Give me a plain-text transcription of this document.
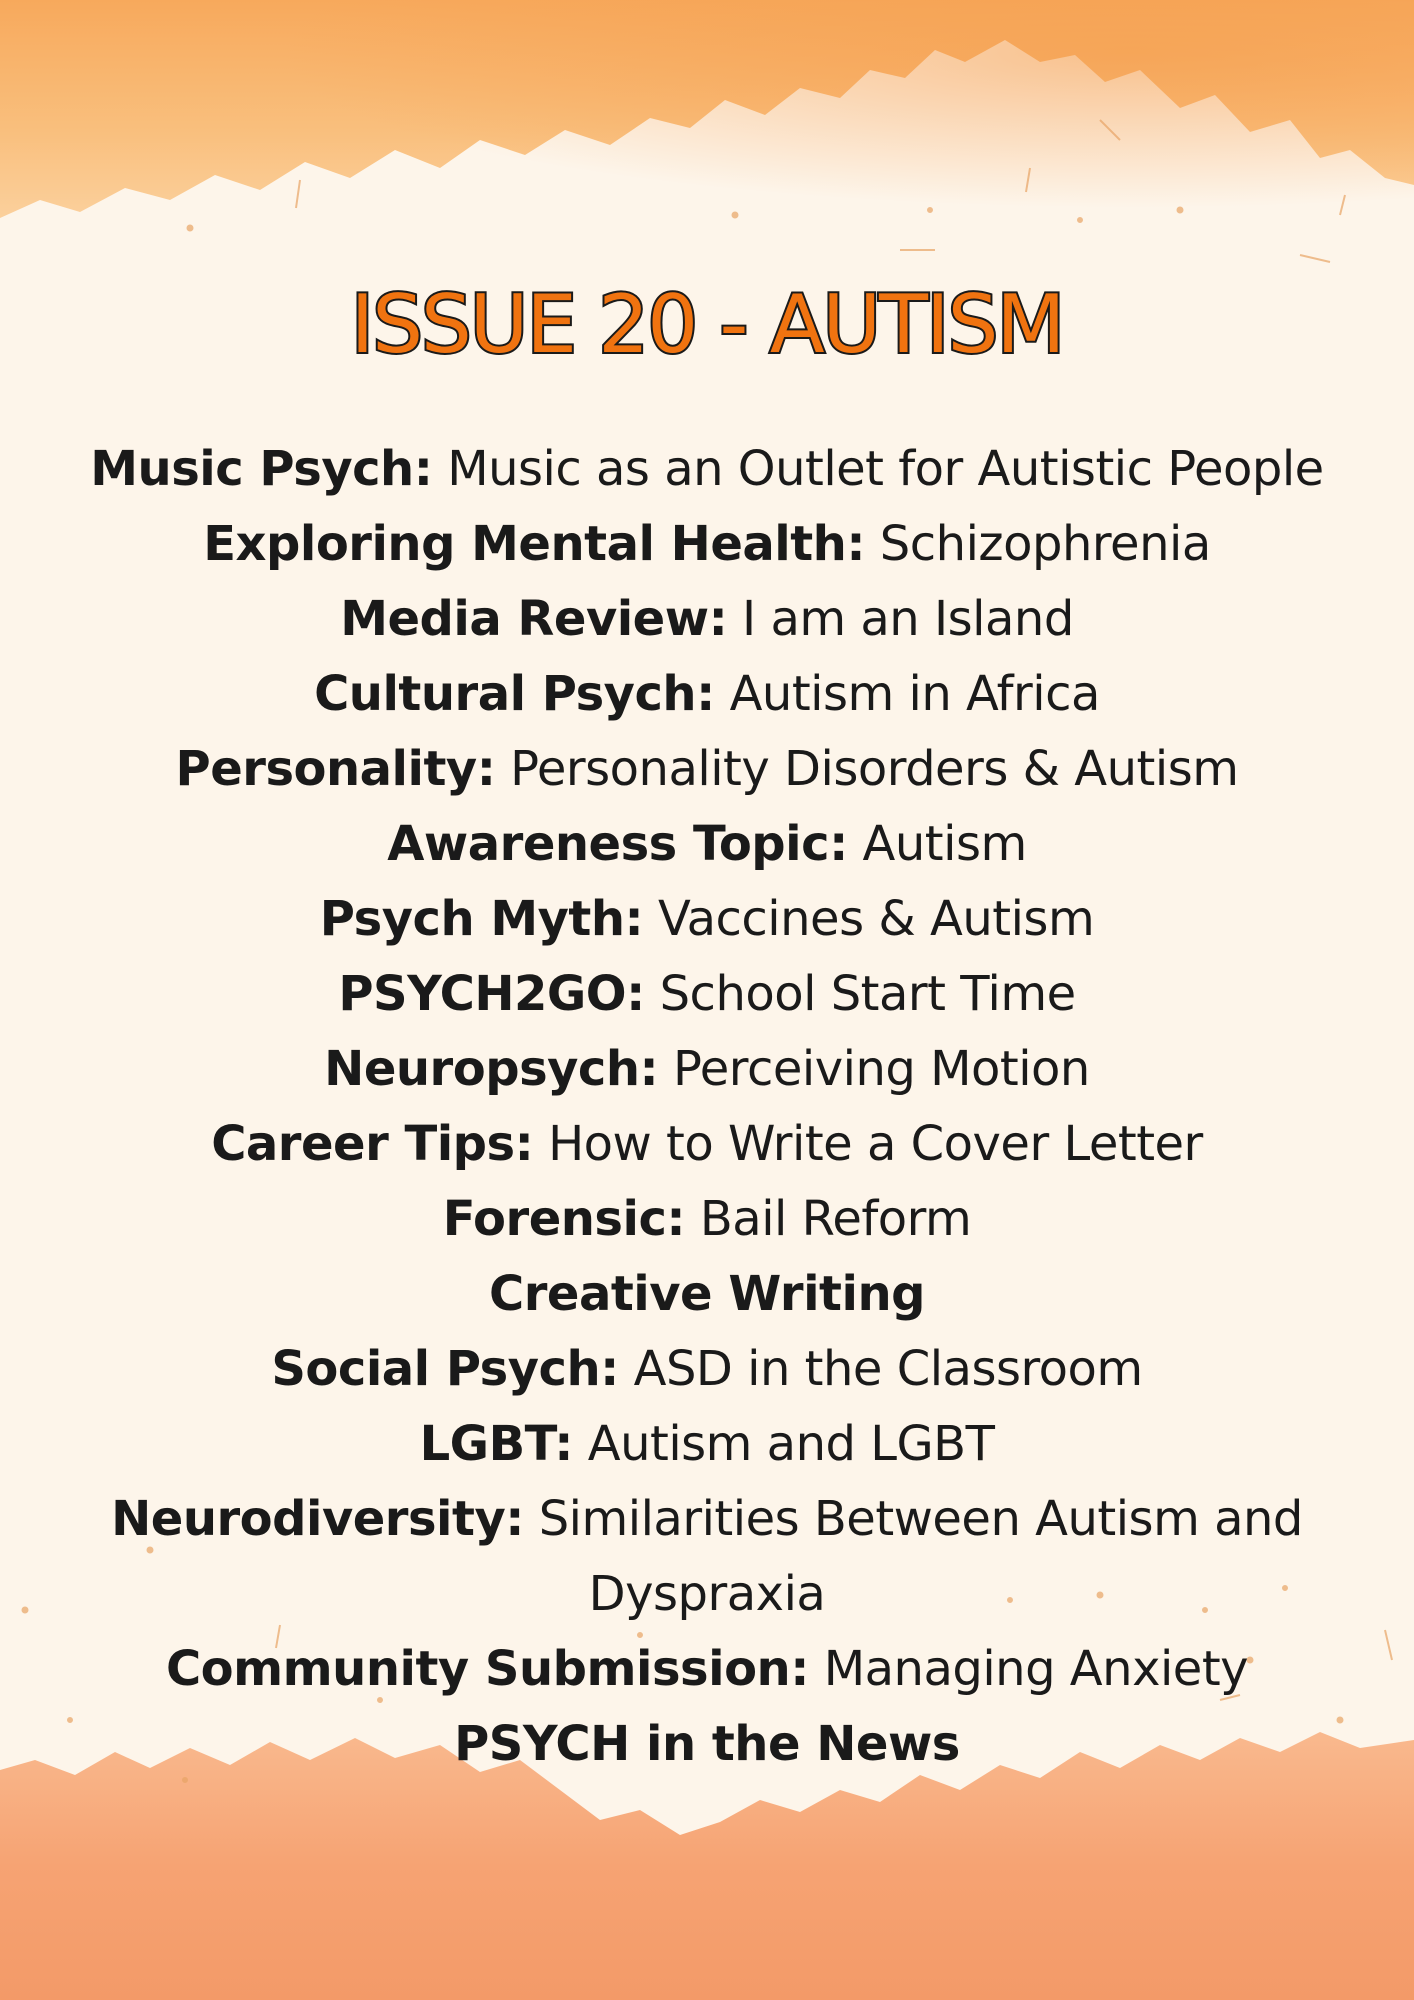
ISSUE 20 - AUTISM
Music Psych: Music as an Outlet for Autistic People
Exploring Mental Health: Schizophrenia
Media Review: I am an Island
Cultural Psych: Autism in Africa
Personality: Personality Disorders & Autism
Awareness Topic: Autism
Psych Myth: Vaccines & Autism
PSYCH2GO: School Start Time
Neuropsych: Perceiving Motion
Career Tips: How to Write a Cover Letter
Forensic: Bail Reform
Creative Writing
Social Psych: ASD in the Classroom
LGBT: Autism and LGBT
Neurodiversity: Similarities Between Autism and Dyspraxia
Community Submission: Managing Anxiety
PSYCH in the News
